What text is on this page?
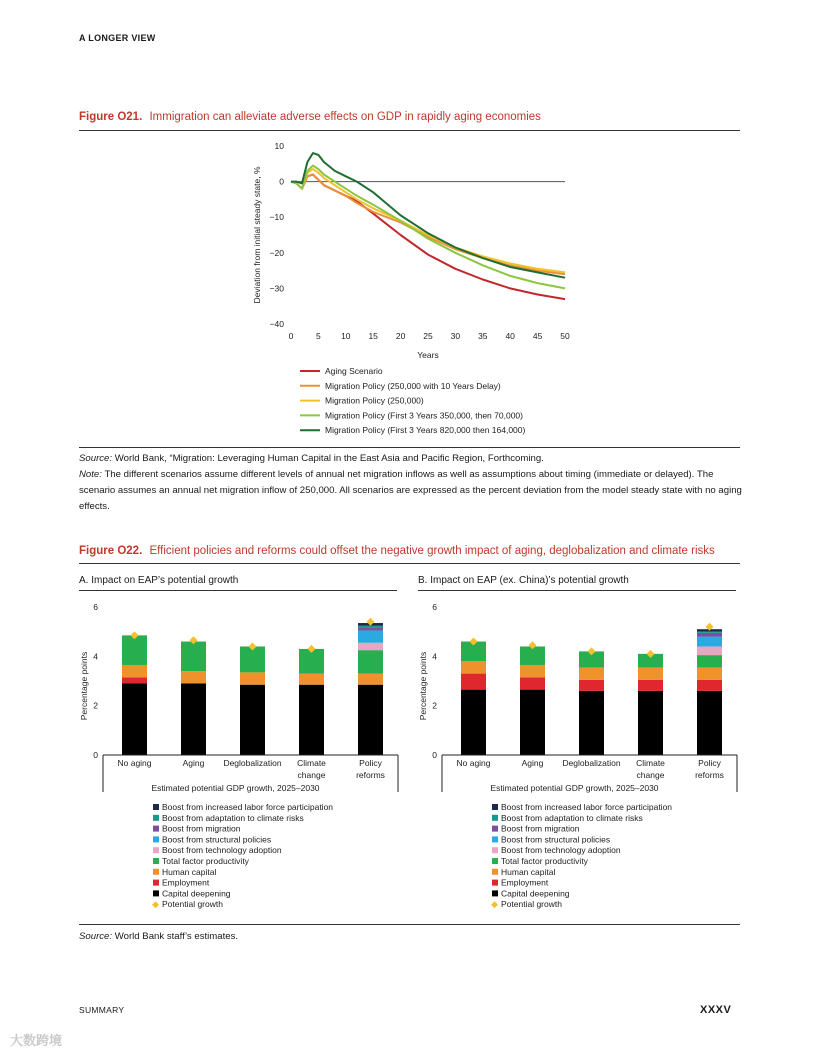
A LONGER VIEW
Figure O21. Immigration can alleviate adverse effects on GDP in rapidly aging economies
10
0
−10
−20
−30
−40
0	5 10 15 20 25 30 35 40 45 50
Years
Deviation from initial steady state, %
Aging Scenario
Migration Policy (250,000 with 10 Years Delay)
Migration Policy (250,000)
Migration Policy (First 3 Years 350,000, then 70,000)
Migration Policy (First 3 Years 820,000 then 164,000)
Source: World Bank, “Migration: Leveraging Human Capital in the East Asia and Pacific Region, Forthcoming.
Note: The different scenarios assume different levels of annual net migration inflows as well as assumptions about timing (immediate or delayed). The scenario assumes an annual net migration inflow of 250,000. All scenarios are expressed as the percent deviation from the model steady state with no aging effects.
Figure O22. Efficient policies and reforms could offset the negative growth impact of aging, deglobalization and climate risks
A. Impact on EAP’s potential growth	B. Impact on EAP (ex. China)’s potential growth
0
2
4
6
Percentage points
No aging	Aging Deglobalization Climate
change
Policy
reforms
Estimated potential GDP growth, 2025–2030
Boost from increased labor force participation
Boost from adaptation to climate risks
Boost from migration
Boost from structural policies
Boost from technology adoption
Total factor productivity
Human capital
Employment
Capital deepening
Potential growth
0
2
4
6
Percentage points
No aging	Aging Deglobalization Climate
change
Policy
reforms
Estimated potential GDP growth, 2025–2030
Boost from increased labor force participation
Boost from adaptation to climate risks
Boost from migration
Boost from structural policies
Boost from technology adoption
Total factor productivity
Human capital
Employment
Capital deepening
Potential growth
Source: World Bank staff’s estimates.
SUMMARY	XXXV
大数跨境
